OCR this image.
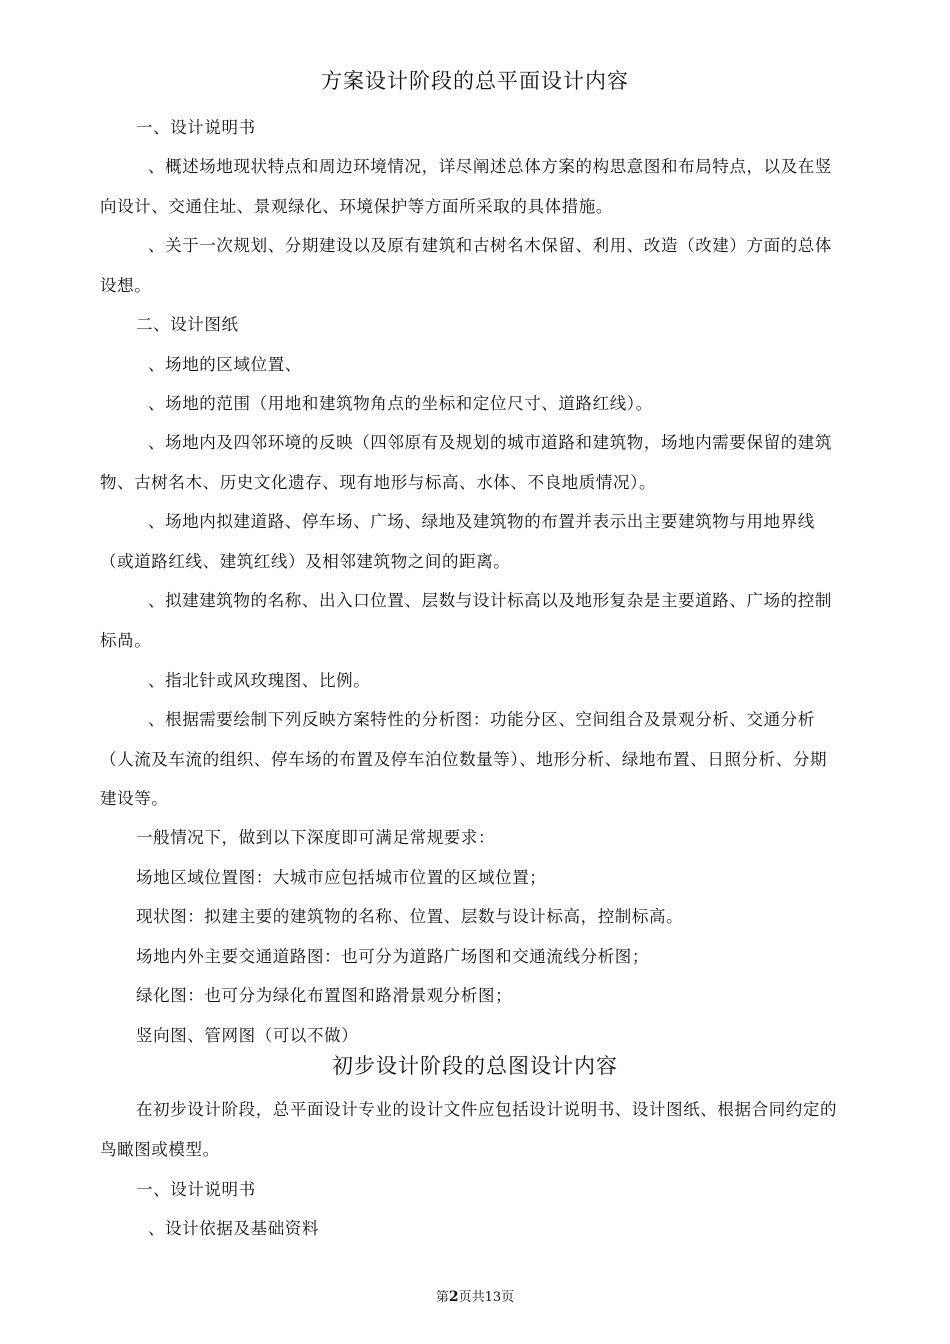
方案设计阶段的总平面设计内容
一、设计说明书
、概述场地现状特点和周边环境情况，详尽阐述总体方案的构思意图和布局特点，以及在竖
向设计、交通住址、景观绿化、环境保护等方面所采取的具体措施。
、关于一次规划、分期建设以及原有建筑和古树名木保留、利用、改造（改建）方面的总体
设想。
二、设计图纸
、场地的区域位置、
、场地的范围（用地和建筑物角点的坐标和定位尺寸、道路红线）。
、场地内及四邻环境的反映（四邻原有及规划的城市道路和建筑物，场地内需要保留的建筑
物、古树名木、历史文化遗存、现有地形与标高、水体、不良地质情况）。
、场地内拟建道路、停车场、广场、绿地及建筑物的布置并表示出主要建筑物与用地界线
（或道路红线、建筑红线）及相邻建筑物之间的距离。
、拟建建筑物的名称、出入口位置、层数与设计标高以及地形复杂是主要道路、广场的控制
标咼。
、指北针或风玫瑰图、比例。
、根据需要绘制下列反映方案特性的分析图：功能分区、空间组合及景观分析、交通分析
（人流及车流的组织、停车场的布置及停车泊位数量等）、地形分析、绿地布置、日照分析、分期
建设等。
一般情况下，做到以下深度即可满足常规要求：
场地区域位置图：大城市应包括城市位置的区域位置；
现状图：拟建主要的建筑物的名称、位置、层数与设计标高，控制标高。
场地内外主要交通道路图：也可分为道路广场图和交通流线分析图；
绿化图：也可分为绿化布置图和路滑景观分析图；
竖向图、管网图（可以不做）
初步设计阶段的总图设计内容
在初步设计阶段，总平面设计专业的设计文件应包括设计说明书、设计图纸、根据合同约定的
鸟瞰图或模型。
一、设计说明书
、设计依据及基础资料
第2页共13页
